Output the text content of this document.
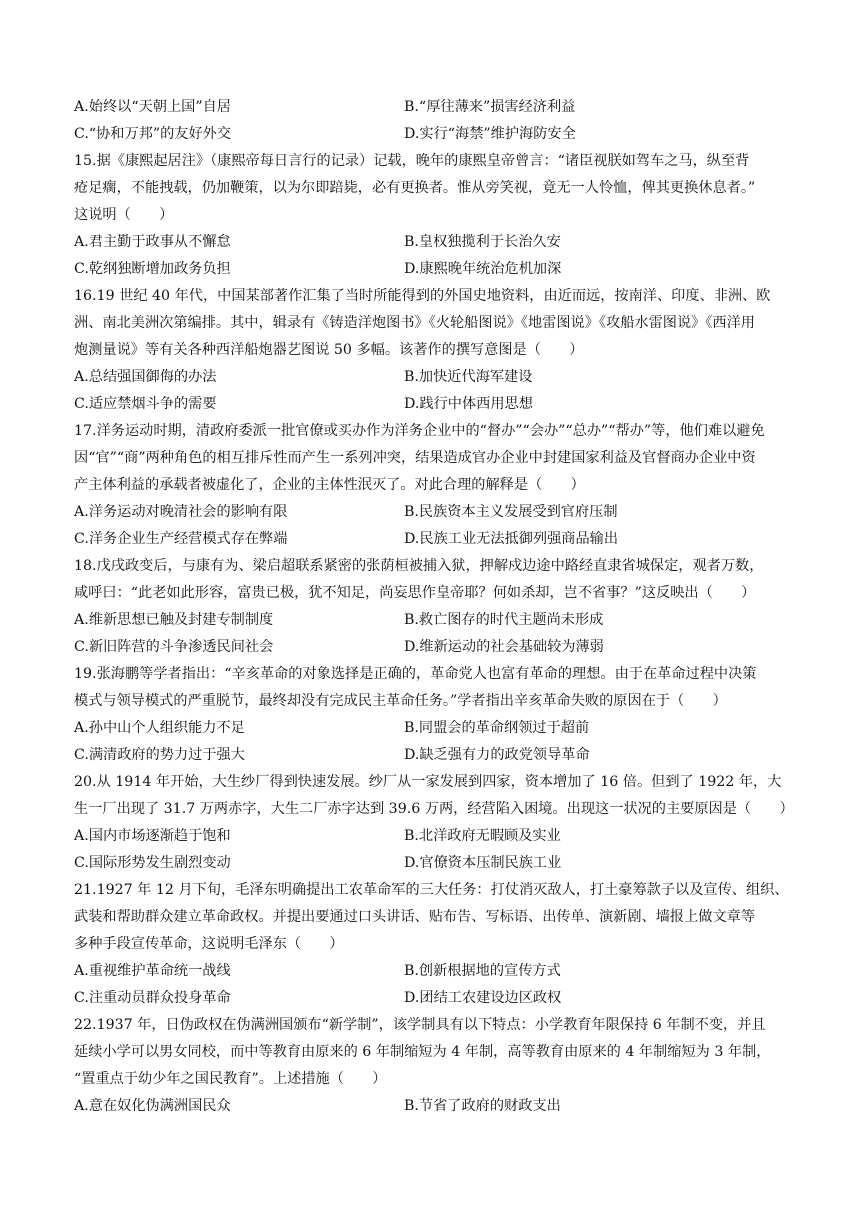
A.始终以“天朝上国”自居	B.“厚往薄来”损害经济利益
C.“协和万邦”的友好外交	D.实行“海禁”维护海防安全
15.据《康熙起居注》（康熙帝每日言行的记录）记载，晚年的康熙皇帝曾言：“诸臣视朕如驾车之马，纵至背
疮足瘸，不能拽载，仍加鞭策，以为尔即踣毙，必有更换者。惟从旁笑视，竟无一人怜恤，俾其更换休息者。”
这说明（　　）
A.君主勤于政事从不懈怠	B.皇权独揽利于长治久安
C.乾纲独断增加政务负担	D.康熙晚年统治危机加深
16.19 世纪 40 年代，中国某部著作汇集了当时所能得到的外国史地资料，由近而远，按南洋、印度、非洲、欧
洲、南北美洲次第编排。其中，辑录有《铸造洋炮图书》《火轮船图说》《地雷图说》《攻船水雷图说》《西洋用
炮测量说》等有关各种西洋船炮器艺图说 50 多幅。该著作的撰写意图是（　　）
A.总结强国御侮的办法	B.加快近代海军建设
C.适应禁烟斗争的需要	D.践行中体西用思想
17.洋务运动时期，清政府委派一批官僚或买办作为洋务企业中的“督办”“会办”“总办”“帮办”等，他们难以避免
因“官”“商”两种角色的相互排斥性而产生一系列冲突，结果造成官办企业中封建国家利益及官督商办企业中资
产主体利益的承载者被虚化了，企业的主体性泯灭了。对此合理的解释是（　　）
A.洋务运动对晚清社会的影响有限	B.民族资本主义发展受到官府压制
C.洋务企业生产经营模式存在弊端	D.民族工业无法抵御列强商品输出
18.戊戌政变后，与康有为、梁启超联系紧密的张荫桓被捕入狱，押解戍边途中路经直隶省城保定，观者万数，
咸呼曰：“此老如此形容，富贵已极，犹不知足，尚妄思作皇帝耶？何如杀却，岂不省事？”这反映出（　　）
A.维新思想已触及封建专制制度	B.救亡图存的时代主题尚未形成
C.新旧阵营的斗争渗透民间社会	D.维新运动的社会基础较为薄弱
19.张海鹏等学者指出：“辛亥革命的对象选择是正确的，革命党人也富有革命的理想。由于在革命过程中决策
模式与领导模式的严重脱节，最终却没有完成民主革命任务。”学者指出辛亥革命失败的原因在于（　　）
A.孙中山个人组织能力不足	B.同盟会的革命纲领过于超前
C.满清政府的势力过于强大	D.缺乏强有力的政党领导革命
20.从 1914 年开始，大生纱厂得到快速发展。纱厂从一家发展到四家，资本增加了 16 倍。但到了 1922 年，大
生一厂出现了 31.7 万两赤字，大生二厂赤字达到 39.6 万两，经营陷入困境。出现这一状况的主要原因是（　　）
A.国内市场逐渐趋于饱和	B.北洋政府无暇顾及实业
C.国际形势发生剧烈变动	D.官僚资本压制民族工业
21.1927 年 12 月下旬，毛泽东明确提出工农革命军的三大任务：打仗消灭敌人，打土豪筹款子以及宣传、组织、
武装和帮助群众建立革命政权。并提出要通过口头讲话、贴布告、写标语、出传单、演新剧、墙报上做文章等
多种手段宣传革命，这说明毛泽东（　　）
A.重视维护革命统一战线	B.创新根据地的宣传方式
C.注重动员群众投身革命	D.团结工农建设边区政权
22.1937 年，日伪政权在伪满洲国颁布“新学制”，该学制具有以下特点：小学教育年限保持 6 年制不变，并且
延续小学可以男女同校，而中等教育由原来的 6 年制缩短为 4 年制，高等教育由原来的 4 年制缩短为 3 年制，
“置重点于幼少年之国民教育”。上述措施（　　）
A.意在奴化伪满洲国民众	B.节省了政府的财政支出
